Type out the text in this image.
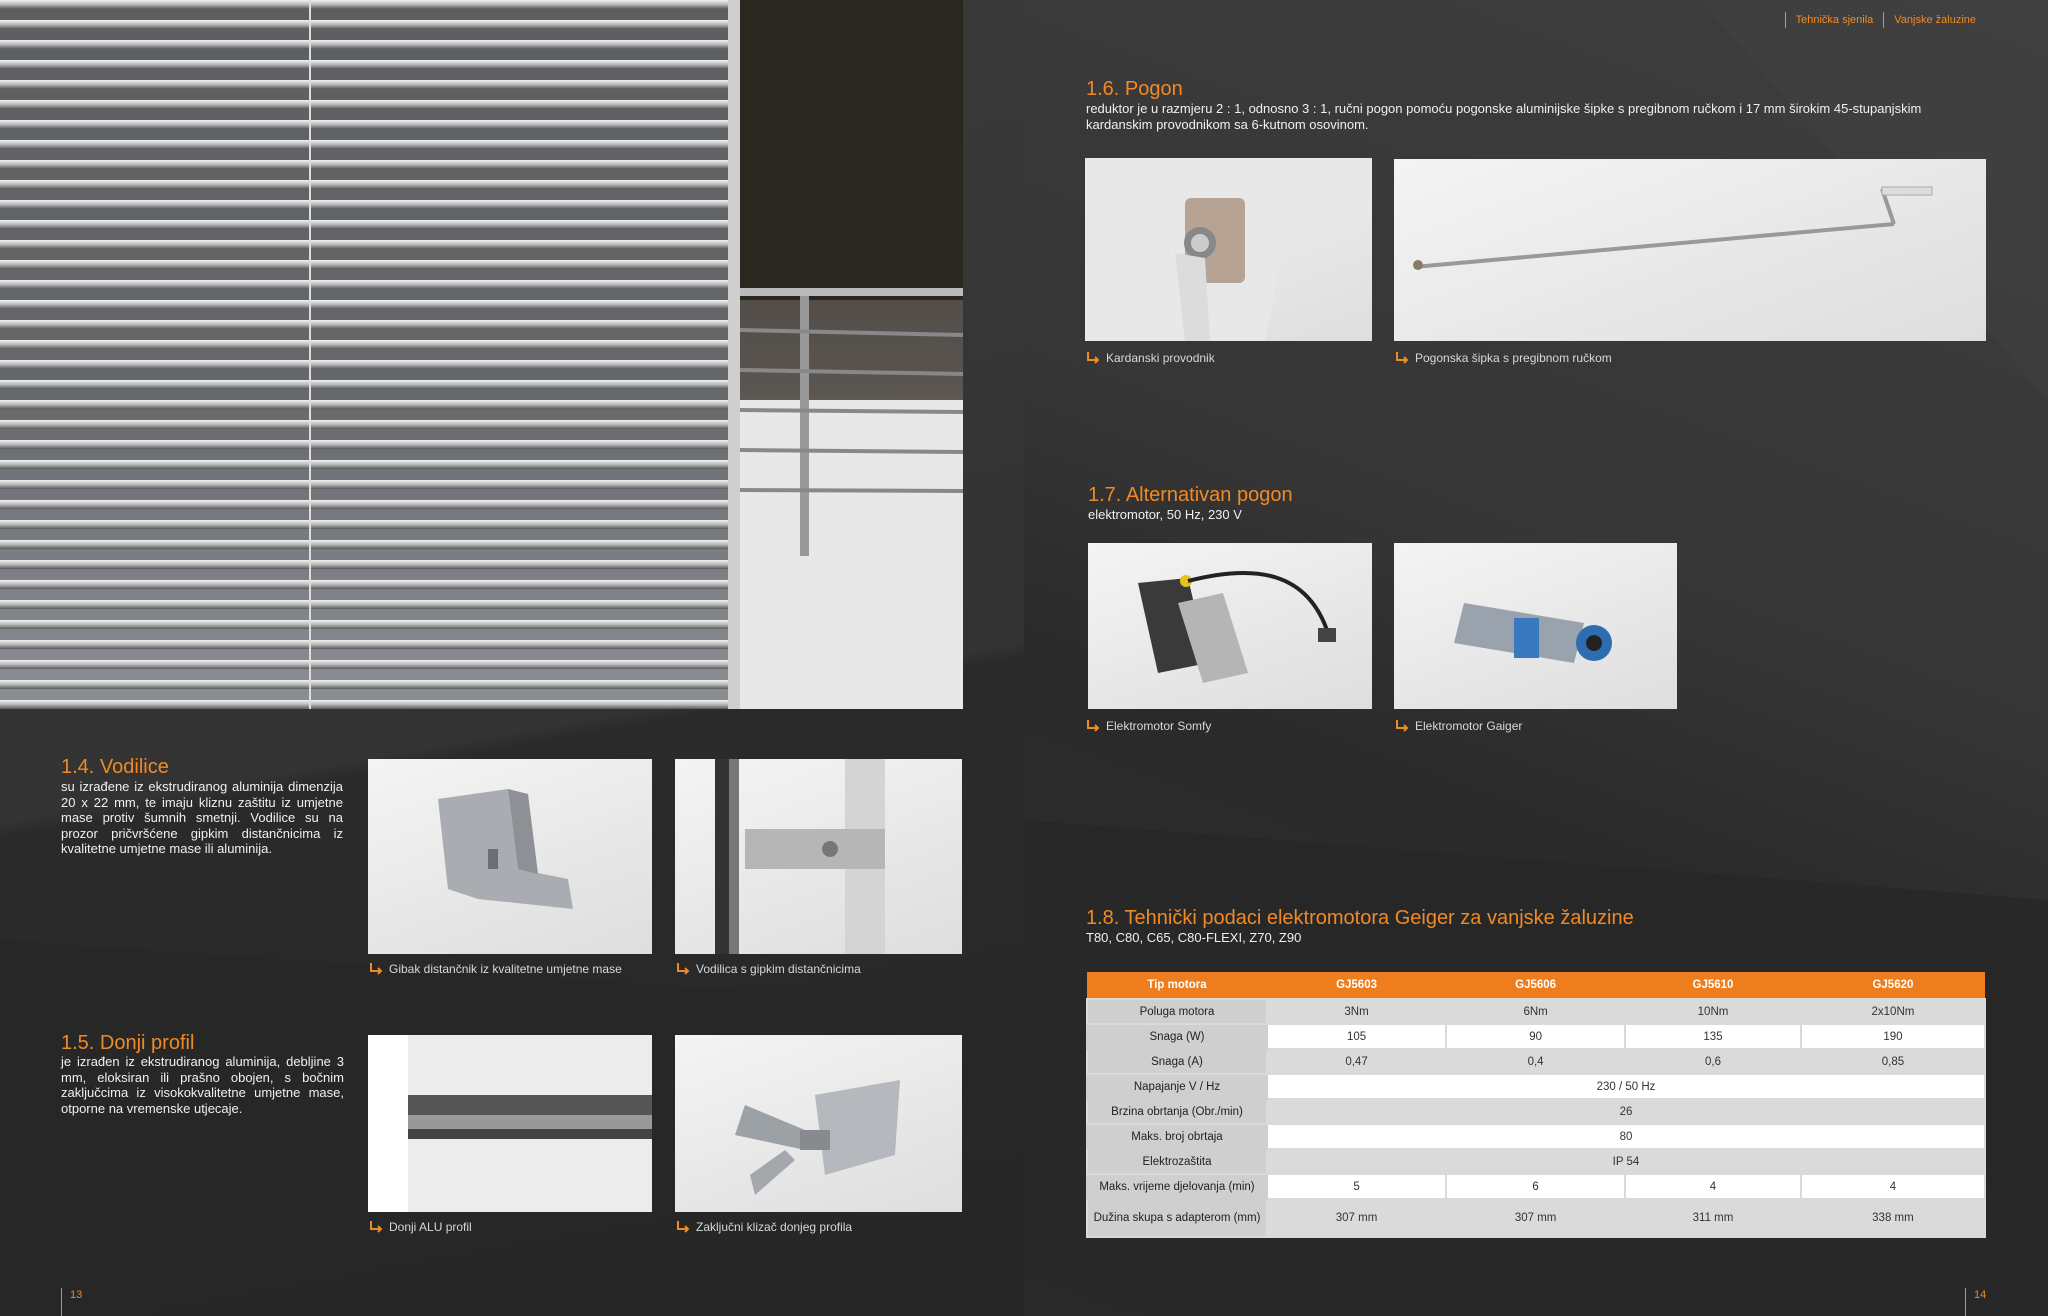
Tehnička sjenila	Vanjske žaluzine
1.4. Vodilice

su izrađene iz ekstrudiranog aluminija dimenzija 20 x 22 mm, te imaju kliznu zaštitu iz umjetne mase protiv šumnih smetnji. Vodilice su na prozor pričvršćene gipkim distančnicima iz kvalitetne umjetne mase ili aluminija.

Gibak distančnik iz kvalitetne umjetne mase	Vodilica s gipkim distančnicima
1.5. Donji profil

je izrađen iz ekstrudiranog aluminija, debljine 3 mm, eloksiran ili prašno obojen, s bočnim zaključcima iz visokokvalitetne umjetne mase, otporne na vremenske utjecaje.

Donji ALU profil	Zaključni klizač donjeg profila
1.6. Pogon

reduktor je u razmjeru 2 : 1, odnosno 3 : 1, ručni pogon pomoću pogonske aluminijske šipke s pregibnom ručkom i 17 mm širokim 45-stupanjskim kardanskim provodnikom sa 6-kutnom osovinom.

Kardanski provodnik	Pogonska šipka s pregibnom ručkom
1.7. Alternativan pogon

elektromotor, 50 Hz, 230 V

Elektromotor Somfy	Elektromotor Gaiger
1.8. Tehnički podaci elektromotora Geiger za vanjske žaluzine

T80, C80, C65, C80-FLEXI, Z70, Z90

Tip motora	GJ5603	GJ5606	GJ5610	GJ5620
Poluga motora	3Nm	6Nm	10Nm	2x10Nm
Snaga (W)	105	90	135	190
Snaga (A)	0,47	0,4	0,6	0,85
Napajanje V / Hz	230 / 50 Hz			
Brzina obrtanja (Obr./min)	26			
Maks. broj obrtaja	80			
Elektrozaštita	IP 54			
Maks. vrijeme djelovanja (min)	5	6	4	4
Dužina skupa s adapterom (mm)	307 mm	307 mm	311 mm	338 mm
13	14
